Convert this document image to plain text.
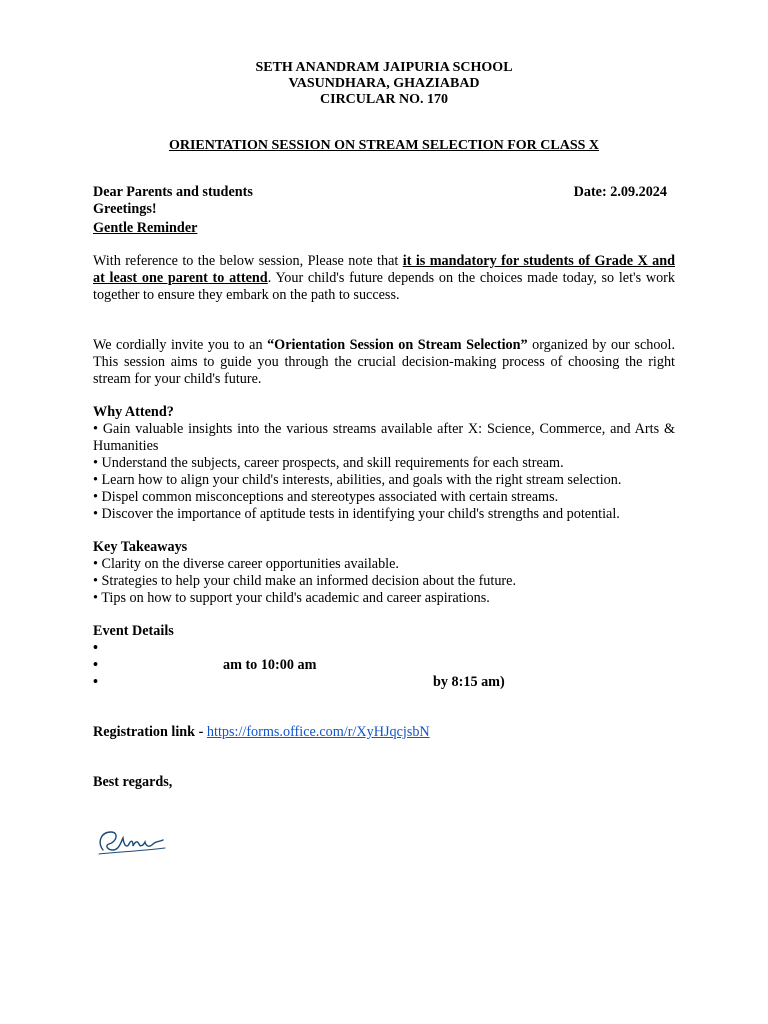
SETH ANANDRAM JAIPURIA SCHOOL
VASUNDHARA, GHAZIABAD
CIRCULAR NO. 170
ORIENTATION SESSION ON STREAM SELECTION FOR CLASS X
Dear Parents and students	Date: 2.09.2024
Greetings!
Gentle Reminder

With reference to the below session, Please note that it is mandatory for students of Grade X and at least one parent to attend. Your child's future depends on the choices made today, so let's work together to ensure they embark on the path to success.

We cordially invite you to an “Orientation Session on Stream Selection” organized by our school. This session aims to guide you through the crucial decision-making process of choosing the right stream for your child's future.

Why Attend?
• Gain valuable insights into the various streams available after X: Science, Commerce, and Arts & Humanities
• Understand the subjects, career prospects, and skill requirements for each stream.
• Learn how to align your child's interests, abilities, and goals with the right stream selection.
• Dispel common misconceptions and stereotypes associated with certain streams.
• Discover the importance of aptitude tests in identifying your child's strengths and potential.
Key Takeaways
• Clarity on the diverse career opportunities available.
• Strategies to help your child make an informed decision about the future.
• Tips on how to support your child's academic and career aspirations.
Event Details
•
•	am to 10:00 am
•	by 8:15 am)
Registration link - https://forms.office.com/r/XyHJqcjsbN
Best regards,
